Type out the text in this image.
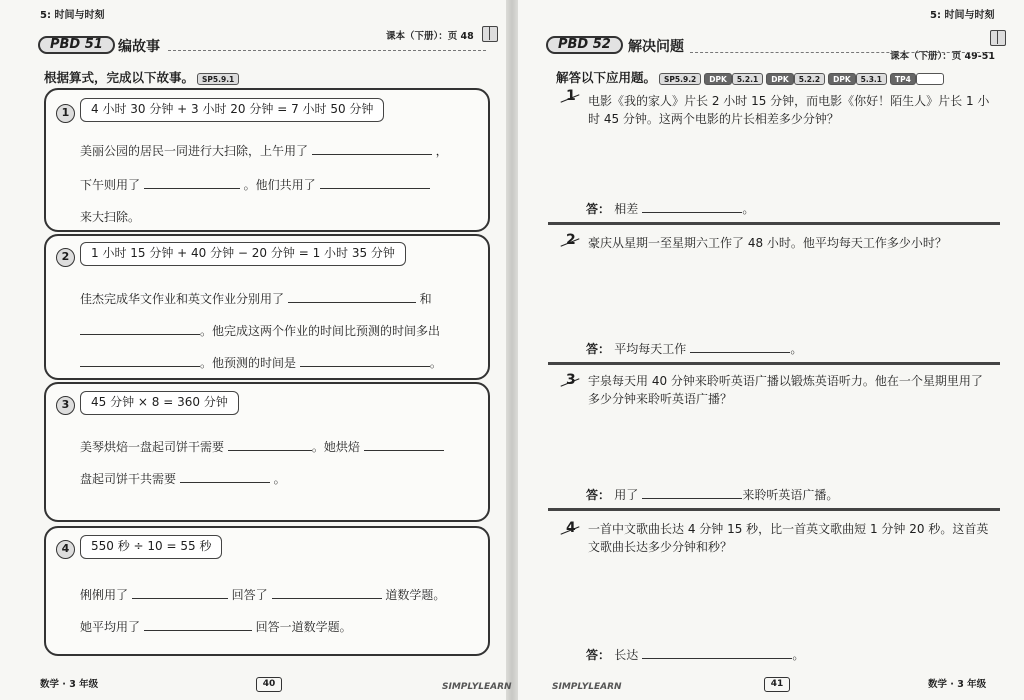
5: 时间与时刻
PBD 51	编故事
课本（下册）：页 48
根据算式，完成以下故事。 SP5.9.1
1	4 小时 30 分钟 + 3 小时 20 分钟 = 7 小时 50 分钟
美丽公园的居民一同进行大扫除，上午用了	，
下午则用了	。他们共用了
来大扫除。
2	1 小时 15 分钟 + 40 分钟 − 20 分钟 = 1 小时 35 分钟
佳杰完成华文作业和英文作业分别用了	和
。他完成这两个作业的时间比预测的时间多出
。他预测的时间是	。
3	45 分钟 × 8 = 360 分钟
美琴烘焙一盘起司饼干需要	。她烘焙
盘起司饼干共需要	。
4	550 秒 ÷ 10 = 55 秒
俐俐用了	回答了	道数学题。
她平均用了	回答一道数学题。
数学 · 3 年级	40	SIMPLYLEARN
5: 时间与时刻
PBD 52	解决问题
课本（下册）：页 49-51
解答以下应用题。 SP5.9.2 DPK 5.2.1 DPK 5.2.2 DPK 5.3.1 TP4
1 电影《我的家人》片长 2 小时 15 分钟，而电影《你好！陌生人》片长 1 小时 45 分钟。这两个电影的片长相差多少分钟？
答： 相差	。
2 豪庆从星期一至星期六工作了 48 小时。他平均每天工作多少小时？
答： 平均每天工作	。
3 宇泉每天用 40 分钟来聆听英语广播以锻炼英语听力。他在一个星期里用了多少分钟来聆听英语广播？
答： 用了	来聆听英语广播。
4 一首中文歌曲长达 4 分钟 15 秒，比一首英文歌曲短 1 分钟 20 秒。这首英文歌曲长达多少分钟和秒？
答： 长达	。
SIMPLYLEARN	41	数学 · 3 年级
